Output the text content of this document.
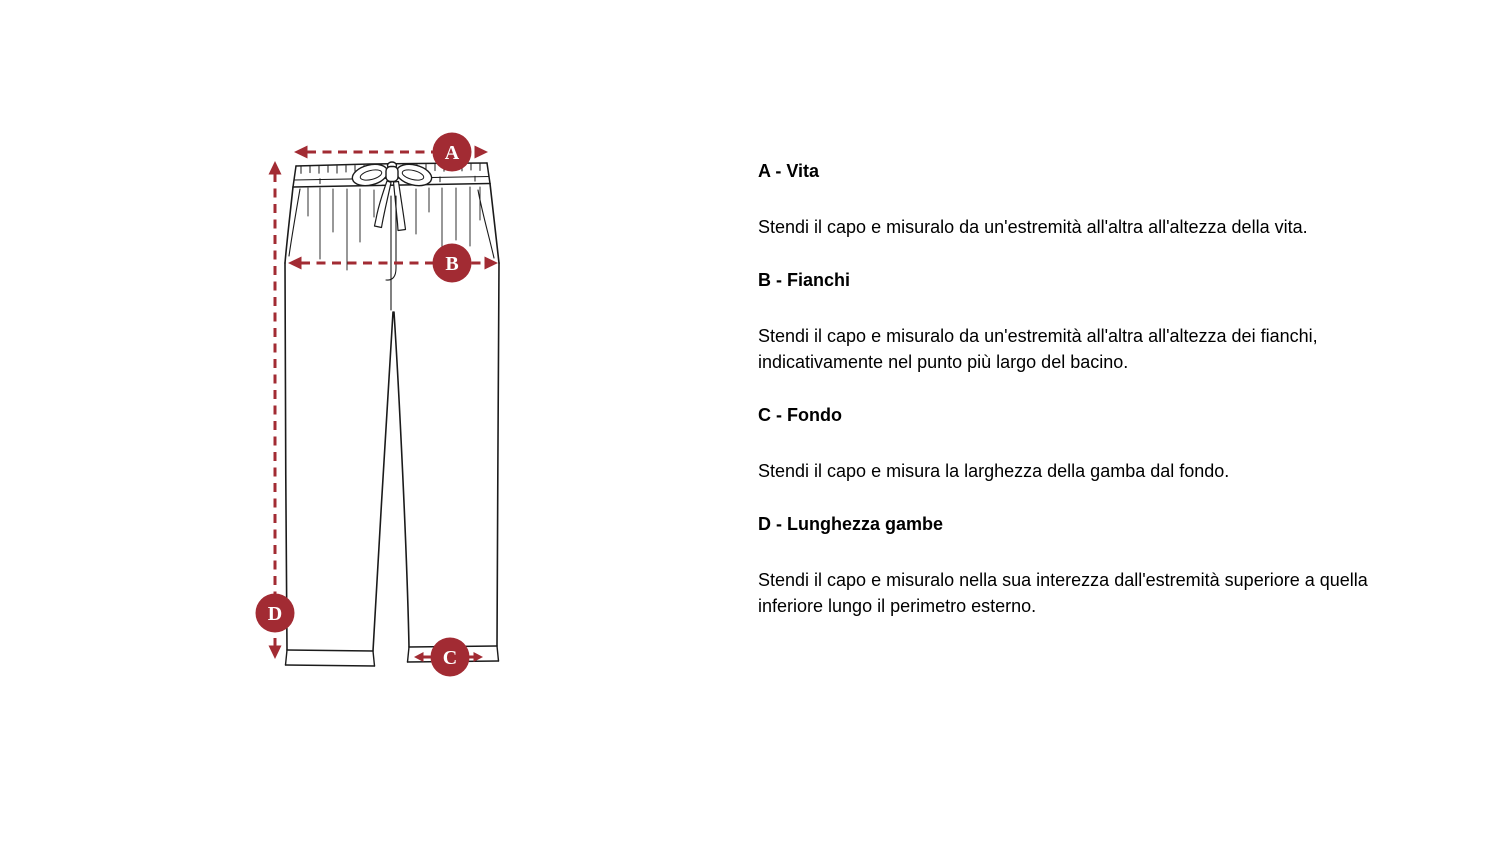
A
B
C
D
A - Vita

Stendi il capo e misuralo da un'estremità all'altra all'altezza della vita.

B - Fianchi

Stendi il capo e misuralo da un'estremità all'altra all'altezza dei fianchi, indicativamente nel punto più largo del bacino.

C - Fondo

Stendi il capo e misura la larghezza della gamba dal fondo.

D - Lunghezza gambe

Stendi il capo e misuralo nella sua interezza dall'estremità superiore a quella inferiore lungo il perimetro esterno.
